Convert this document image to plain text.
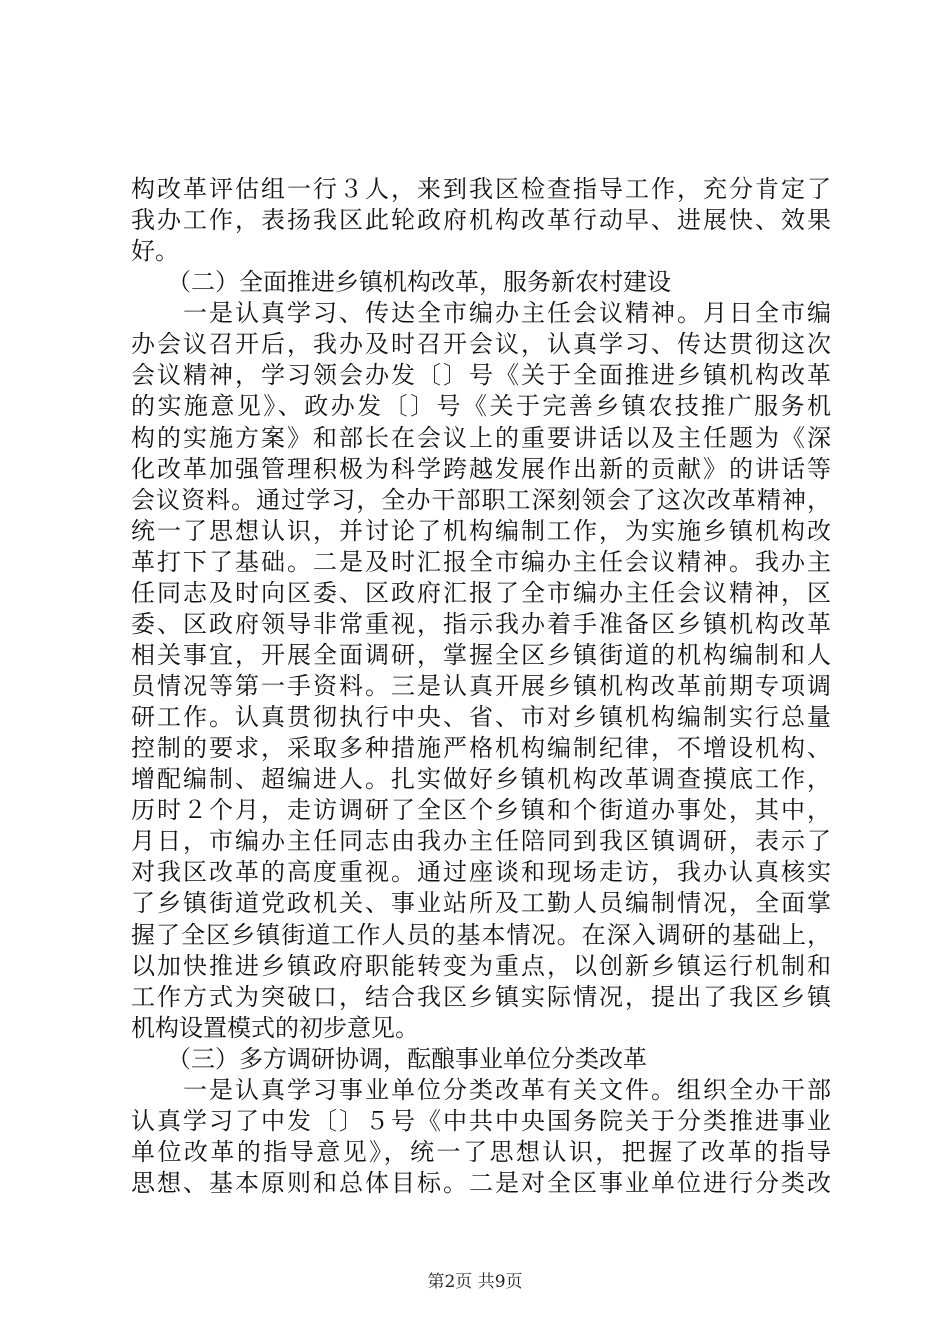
构改革评估组一行３人，来到我区检查指导工作，充分肯定了
我办工作，表扬我区此轮政府机构改革行动早、进展快、效果
好。
　　（二）全面推进乡镇机构改革，服务新农村建设
　　一是认真学习、传达全市编办主任会议精神。月日全市编
办会议召开后，我办及时召开会议，认真学习、传达贯彻这次
会议精神，学习领会办发〔〕号《关于全面推进乡镇机构改革
的实施意见》、政办发〔〕号《关于完善乡镇农技推广服务机
构的实施方案》和部长在会议上的重要讲话以及主任题为《深
化改革加强管理积极为科学跨越发展作出新的贡献》的讲话等
会议资料。通过学习，全办干部职工深刻领会了这次改革精神，
统一了思想认识，并讨论了机构编制工作，为实施乡镇机构改
革打下了基础。二是及时汇报全市编办主任会议精神。我办主
任同志及时向区委、区政府汇报了全市编办主任会议精神，区
委、区政府领导非常重视，指示我办着手准备区乡镇机构改革
相关事宜，开展全面调研，掌握全区乡镇街道的机构编制和人
员情况等第一手资料。三是认真开展乡镇机构改革前期专项调
研工作。认真贯彻执行中央、省、市对乡镇机构编制实行总量
控制的要求，采取多种措施严格机构编制纪律，不增设机构、
增配编制、超编进人。扎实做好乡镇机构改革调查摸底工作，
历时２个月，走访调研了全区个乡镇和个街道办事处，其中，
月日，市编办主任同志由我办主任陪同到我区镇调研，表示了
对我区改革的高度重视。通过座谈和现场走访，我办认真核实
了乡镇街道党政机关、事业站所及工勤人员编制情况，全面掌
握了全区乡镇街道工作人员的基本情况。在深入调研的基础上，
以加快推进乡镇政府职能转变为重点，以创新乡镇运行机制和
工作方式为突破口，结合我区乡镇实际情况，提出了我区乡镇
机构设置模式的初步意见。
　　（三）多方调研协调，酝酿事业单位分类改革
　　一是认真学习事业单位分类改革有关文件。组织全办干部
认真学习了中发〔〕５号《中共中央国务院关于分类推进事业
单位改革的指导意见》，统一了思想认识，把握了改革的指导
思想、基本原则和总体目标。二是对全区事业单位进行分类改
第2页 共9页
